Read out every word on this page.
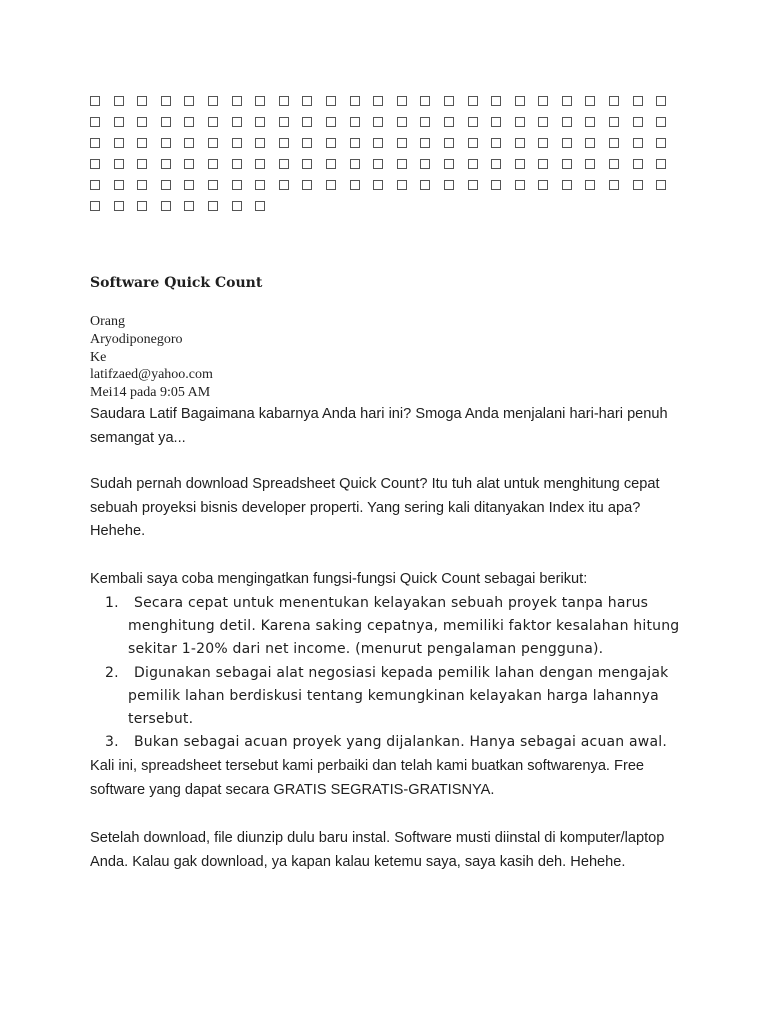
Software Quick Count
Orang
Aryodiponegoro
Ke
latifzaed@yahoo.com
Mei14 pada 9:05 AM

Saudara Latif Bagaimana kabarnya Anda hari ini? Smoga Anda menjalani hari-hari penuh semangat ya...

Sudah pernah download Spreadsheet Quick Count? Itu tuh alat untuk menghitung cepat sebuah proyeksi bisnis developer properti. Yang sering kali ditanyakan Index itu apa? Hehehe.

Kembali saya coba mengingatkan fungsi-fungsi Quick Count sebagai berikut:

1. Secara cepat untuk menentukan kelayakan sebuah proyek tanpa harus menghitung detil. Karena saking cepatnya, memiliki faktor kesalahan hitung sekitar 1-20% dari net income. (menurut pengalaman pengguna).
2. Digunakan sebagai alat negosiasi kepada pemilik lahan dengan mengajak pemilik lahan berdiskusi tentang kemungkinan kelayakan harga lahannya tersebut.
3. Bukan sebagai acuan proyek yang dijalankan. Hanya sebagai acuan awal.

Kali ini, spreadsheet tersebut kami perbaiki dan telah kami buatkan softwarenya. Free software yang dapat secara GRATIS SEGRATIS-GRATISNYA.

Setelah download, file diunzip dulu baru instal. Software musti diinstal di komputer/laptop Anda. Kalau gak download, ya kapan kalau ketemu saya, saya kasih deh. Hehehe.
